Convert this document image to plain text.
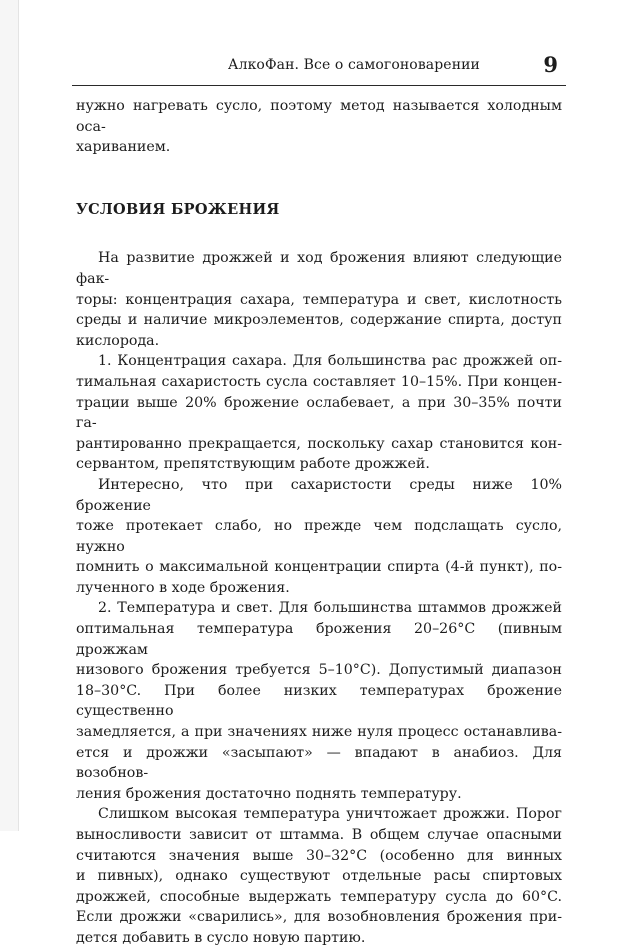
АлкоФан. Все о самогоноварении	9

нужно нагревать сусло, поэтому метод называется холодным оса-
хариванием.

УСЛОВИЯ БРОЖЕНИЯ

На развитие дрожжей и ход брожения влияют следующие фак-
торы: концентрация сахара, температура и свет, кислотность
среды и наличие микроэлементов, содержание спирта, доступ
кислорода.

1. Концентрация сахара. Для большинства рас дрожжей оп-
тимальная сахаристость сусла составляет 10–15%. При концен-
трации выше 20% брожение ослабевает, а при 30–35% почти га-
рантированно прекращается, поскольку сахар становится кон-
сервантом, препятствующим работе дрожжей.

Интересно, что при сахаристости среды ниже 10% брожение
тоже протекает слабо, но прежде чем подслащать сусло, нужно
помнить о максимальной концентрации спирта (4-й пункт), по-
лученного в ходе брожения.

2. Температура и свет. Для большинства штаммов дрожжей
оптимальная температура брожения 20–26°C (пивным дрожжам
низового брожения требуется 5–10°C). Допустимый диапазон
18–30°C. При более низких температурах брожение существенно
замедляется, а при значениях ниже нуля процесс останавлива-
ется и дрожжи «засыпают» — впадают в анабиоз. Для возобнов-
ления брожения достаточно поднять температуру.

Слишком высокая температура уничтожает дрожжи. Порог
выносливости зависит от штамма. В общем случае опасными
считаются значения выше 30–32°C (особенно для винных
и пивных), однако существуют отдельные расы спиртовых
дрожжей, способные выдержать температуру сусла до 60°C.
Если дрожжи «сварились», для возобновления брожения при-
дется добавить в сусло новую партию.
